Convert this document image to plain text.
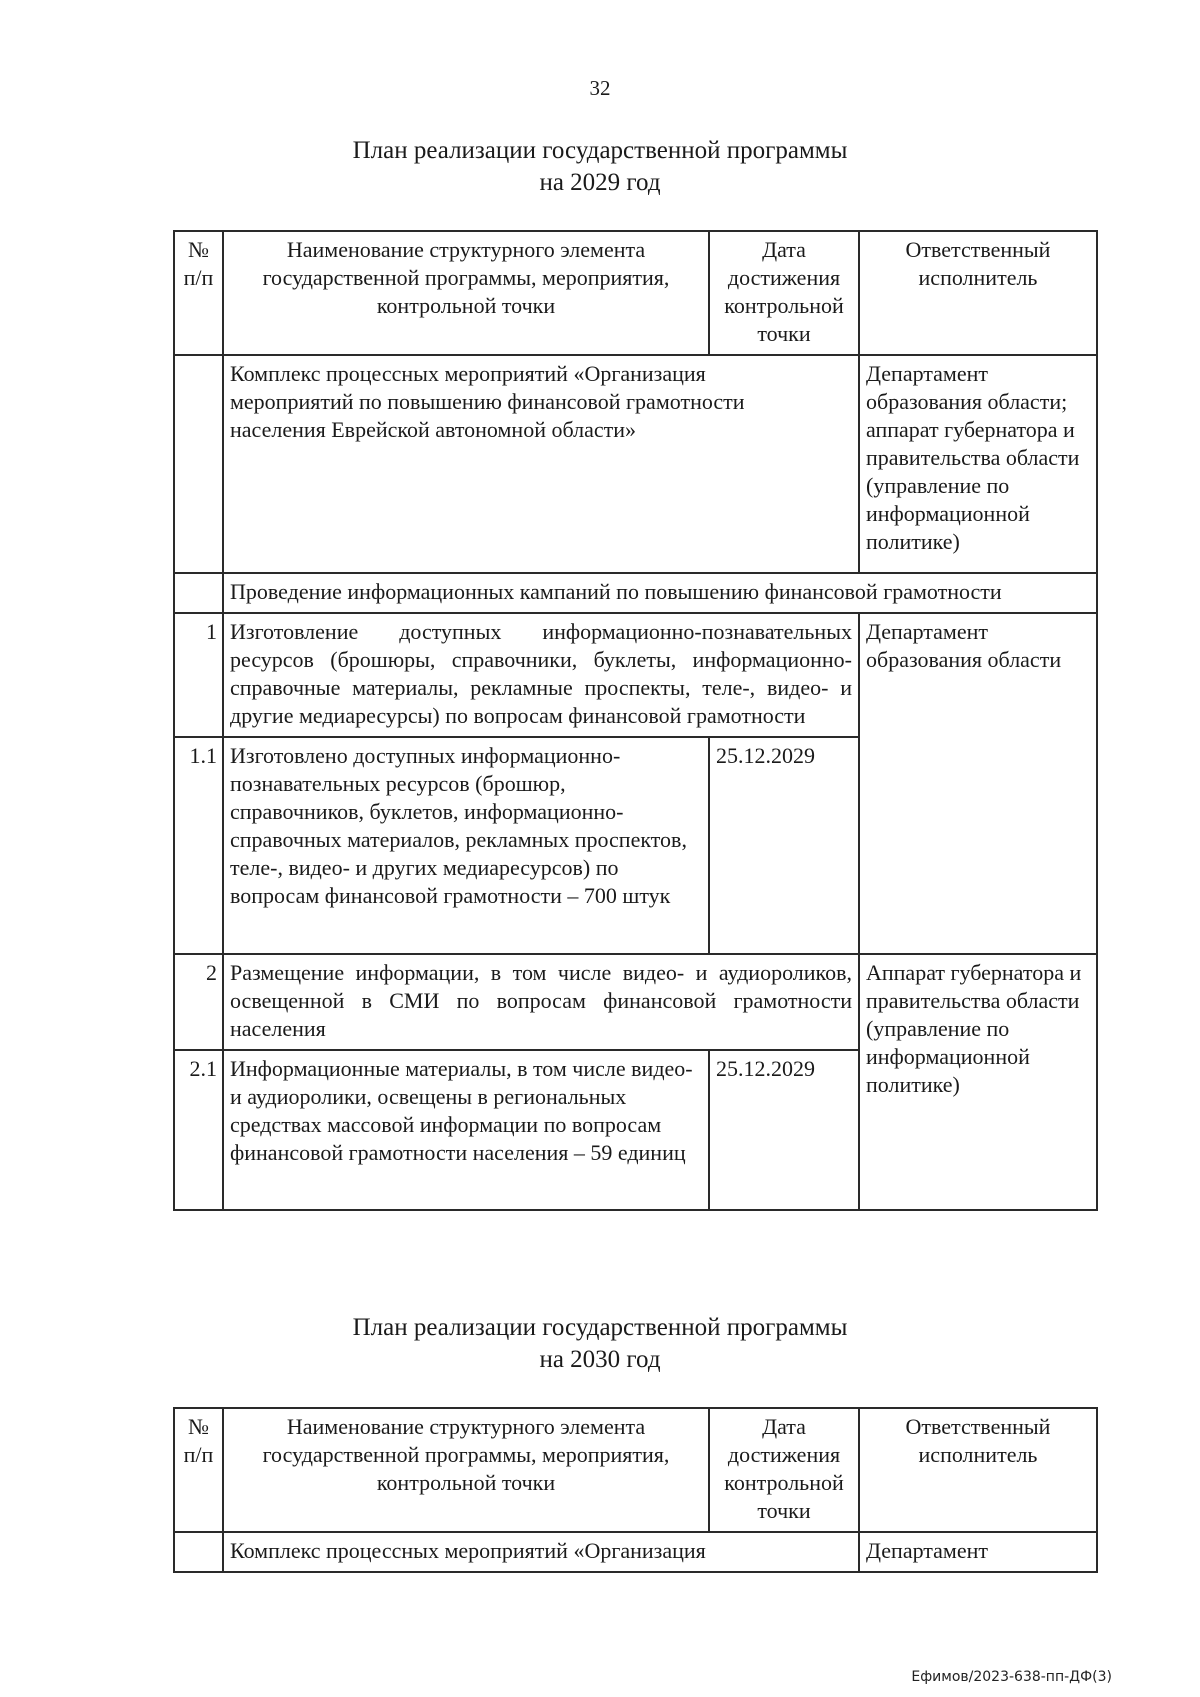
32
План реализации государственной программы
на 2029 год
№ п/п	Наименование структурного элемента государственной программы, мероприятия, контрольной точки	Дата достижения контрольной точки	Ответственный исполнитель
	Комплекс процессных мероприятий «Организация мероприятий по повышению финансовой грамотности населения Еврейской автономной области»		Департамент образования области; аппарат губернатора и правительства области (управление по информационной политике)
	Проведение информационных кампаний по повышению финансовой грамотности		
1	Изготовление доступных информационно-познавательных ресурсов (брошюры, справочники, буклеты, информационно-справочные материалы, рекламные проспекты, теле-, видео- и другие медиаресурсы) по вопросам финансовой грамотности		Департамент образования области
1.1	Изготовлено доступных информационно-познавательных ресурсов (брошюр, справочников, буклетов, информационно-справочных материалов, рекламных проспектов, теле-, видео- и других медиаресурсов) по вопросам финансовой грамотности – 700 штук	25.12.2029	
2	Размещение информации, в том числе видео- и аудиороликов, освещенной в СМИ по вопросам финансовой грамотности населения		Аппарат губернатора и правительства области (управление по информационной политике)
2.1	Информационные материалы, в том числе видео- и аудиоролики, освещены в региональных средствах массовой информации по вопросам финансовой грамотности населения – 59 единиц	25.12.2029	
План реализации государственной программы
на 2030 год
№ п/п	Наименование структурного элемента государственной программы, мероприятия, контрольной точки	Дата достижения контрольной точки	Ответственный исполнитель
	Комплекс процессных мероприятий «Организация		Департамент
Ефимов/2023-638-пп-ДФ(3)
